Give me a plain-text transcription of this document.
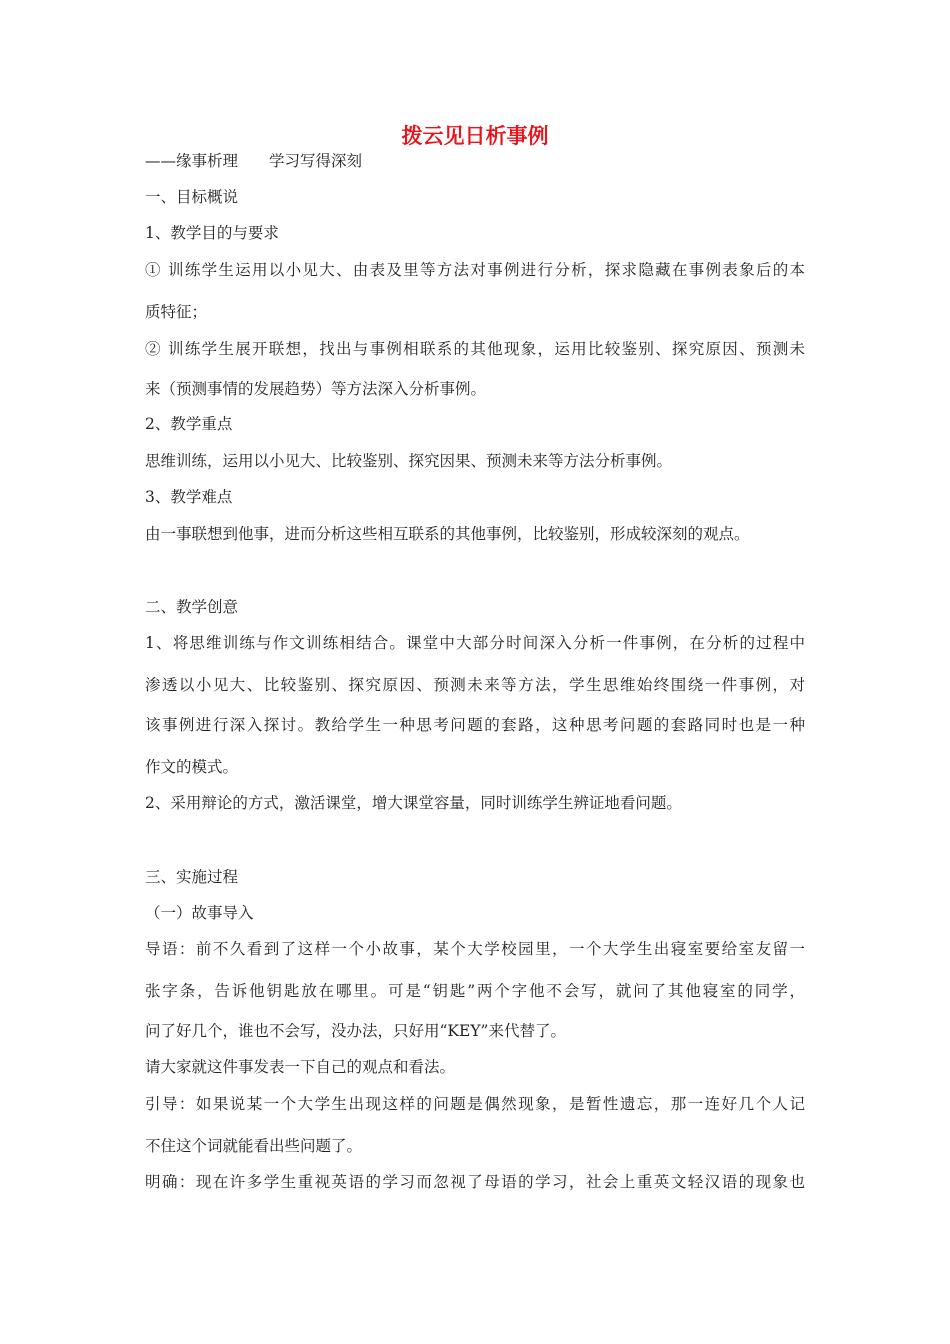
拨云见日析事例
——缘事析理　　学习写得深刻
一、目标概说
1、教学目的与要求
① 训练学生运用以小见大、由表及里等方法对事例进行分析，探求隐藏在事例表象后的本
质特征；
② 训练学生展开联想，找出与事例相联系的其他现象，运用比较鉴别、探究原因、预测未
来（预测事情的发展趋势）等方法深入分析事例。
2、教学重点
思维训练，运用以小见大、比较鉴别、探究因果、预测未来等方法分析事例。
3、教学难点
由一事联想到他事，进而分析这些相互联系的其他事例，比较鉴别，形成较深刻的观点。
二、教学创意
1、将思维训练与作文训练相结合。课堂中大部分时间深入分析一件事例，在分析的过程中
渗透以小见大、比较鉴别、探究原因、预测未来等方法，学生思维始终围绕一件事例，对
该事例进行深入探讨。教给学生一种思考问题的套路，这种思考问题的套路同时也是一种
作文的模式。
2、采用辩论的方式，激活课堂，增大课堂容量，同时训练学生辨证地看问题。
三、实施过程
（一）故事导入
导语：前不久看到了这样一个小故事，某个大学校园里，一个大学生出寝室要给室友留一
张字条，告诉他钥匙放在哪里。可是“钥匙”两个字他不会写，就问了其他寝室的同学，
问了好几个，谁也不会写，没办法，只好用“KEY”来代替了。
请大家就这件事发表一下自己的观点和看法。
引导：如果说某一个大学生出现这样的问题是偶然现象，是暂性遗忘，那一连好几个人记
不住这个词就能看出些问题了。
明确：现在许多学生重视英语的学习而忽视了母语的学习，社会上重英文轻汉语的现象也
